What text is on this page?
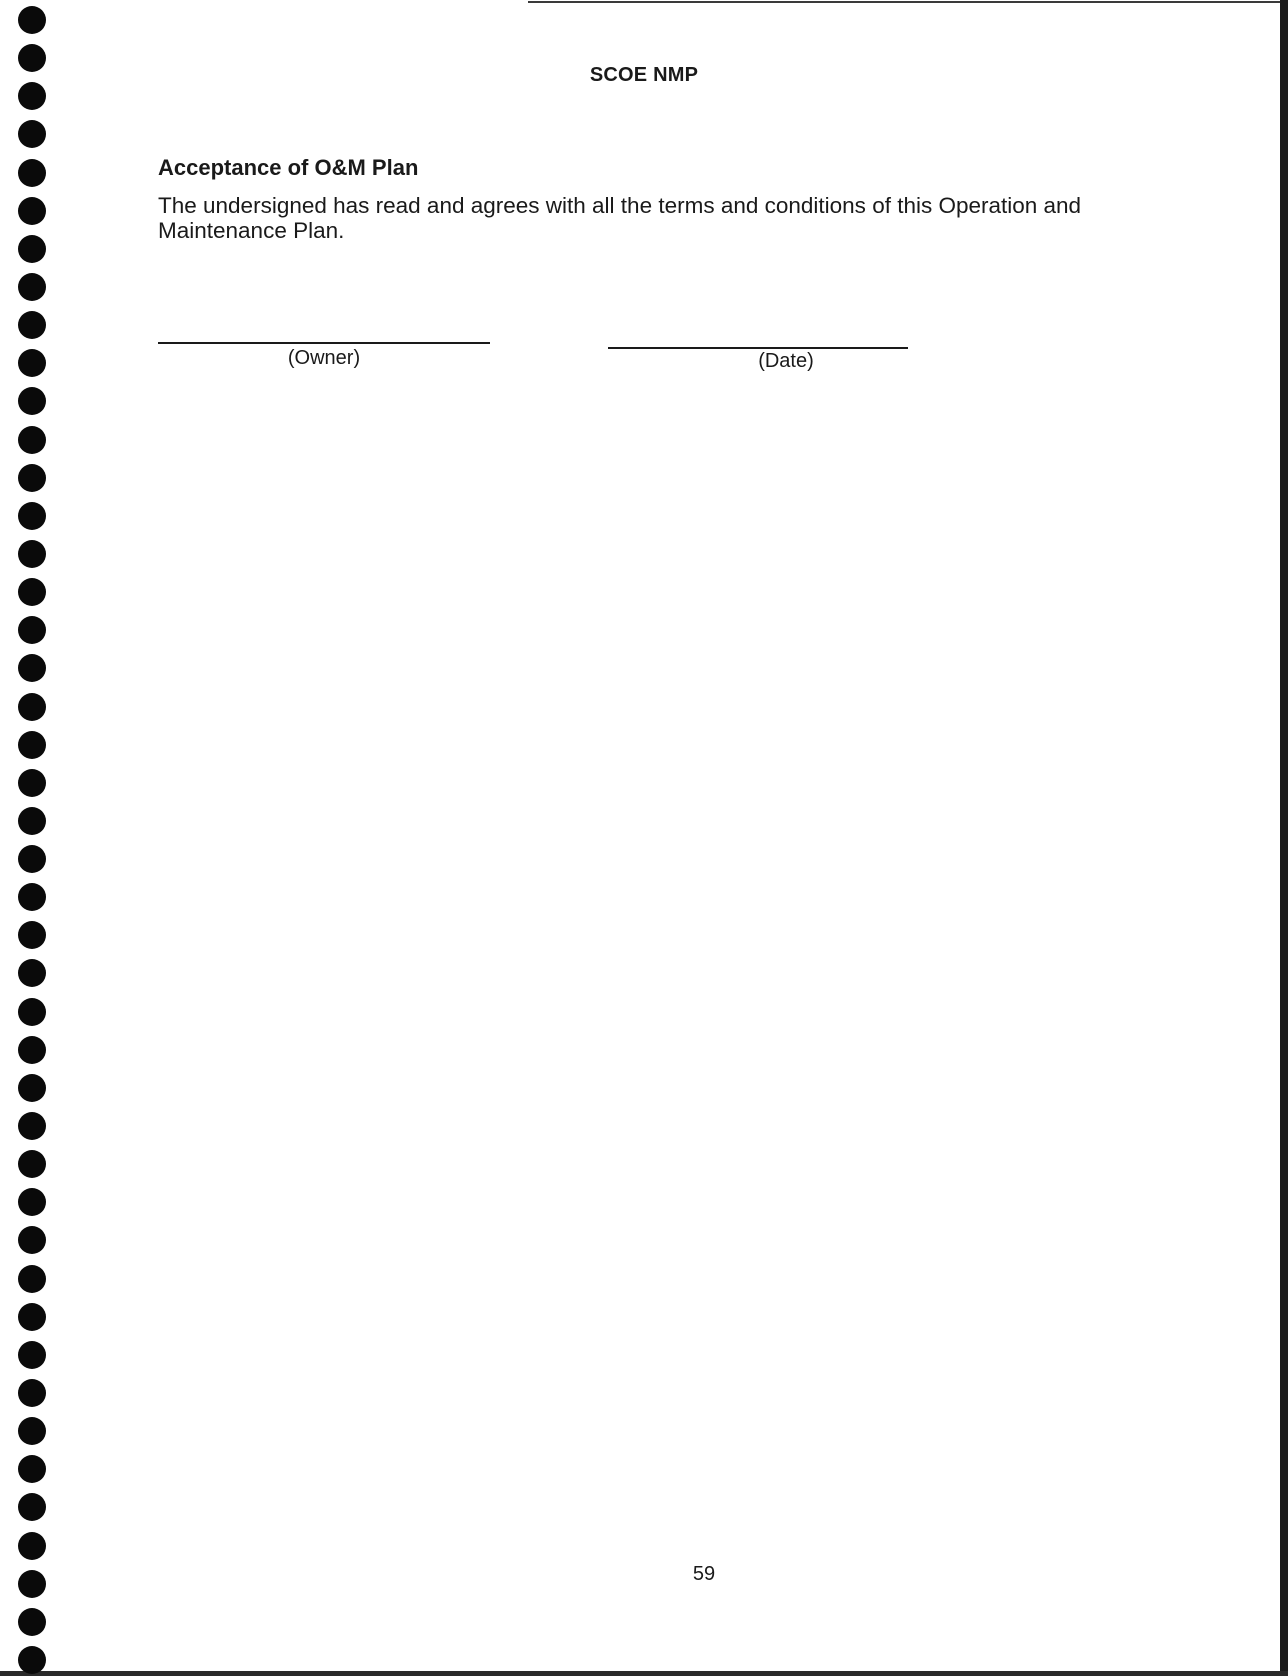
SCOE NMP
Acceptance of O&M Plan
The undersigned has read and agrees with all the terms and conditions of this Operation and Maintenance Plan.
(Owner)	(Date)
59
